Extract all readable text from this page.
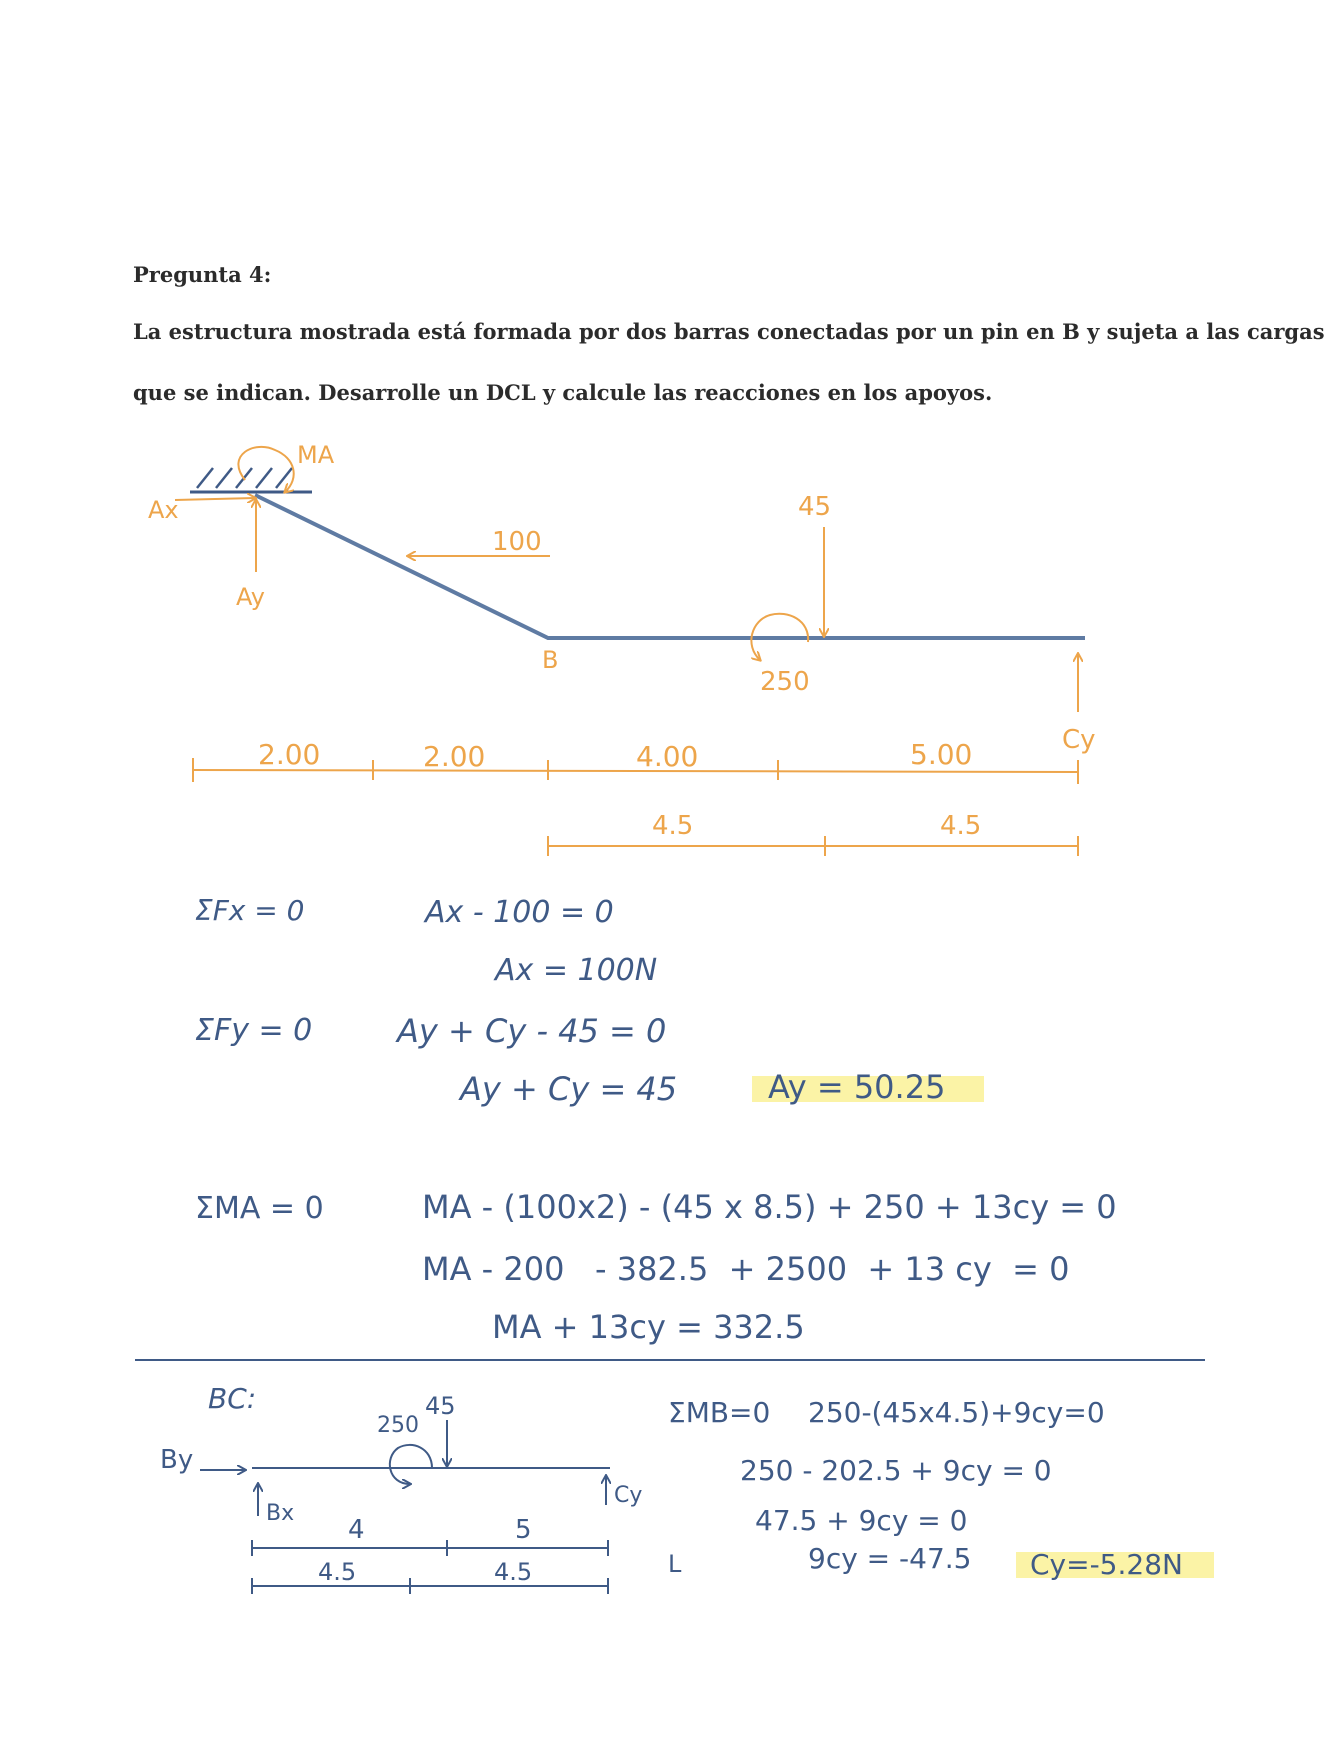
Pregunta 4:
La estructura mostrada está formada por dos barras conectadas por un pin en B y sujeta a las cargas
que se indican. Desarrolle un DCL y calcule las reacciones en los apoyos.
MA
Ax
Ay
100
B
45
250
Cy
2.00	2.00	4.00	5.00
4.5	4.5
ΣFx = 0	Ax - 100 = 0
Ax = 100N
ΣFy = 0	Ay + Cy - 45 = 0
Ay + Cy = 45	Ay = 50.25
ΣMA = 0	MA - (100x2) - (45 x 8.5) + 250 + 13cy = 0
MA - 200   - 382.5  + 2500  + 13 cy  = 0
MA + 13cy = 332.5
BC:
By
45
250
Bx
Cy
4	5
4.5	4.5
ΣMB=0 250-(45x4.5)+9cy=0
250 - 202.5 + 9cy = 0
47.5 + 9cy = 0
9cy = -47.5
L	Cy=-5.28N
